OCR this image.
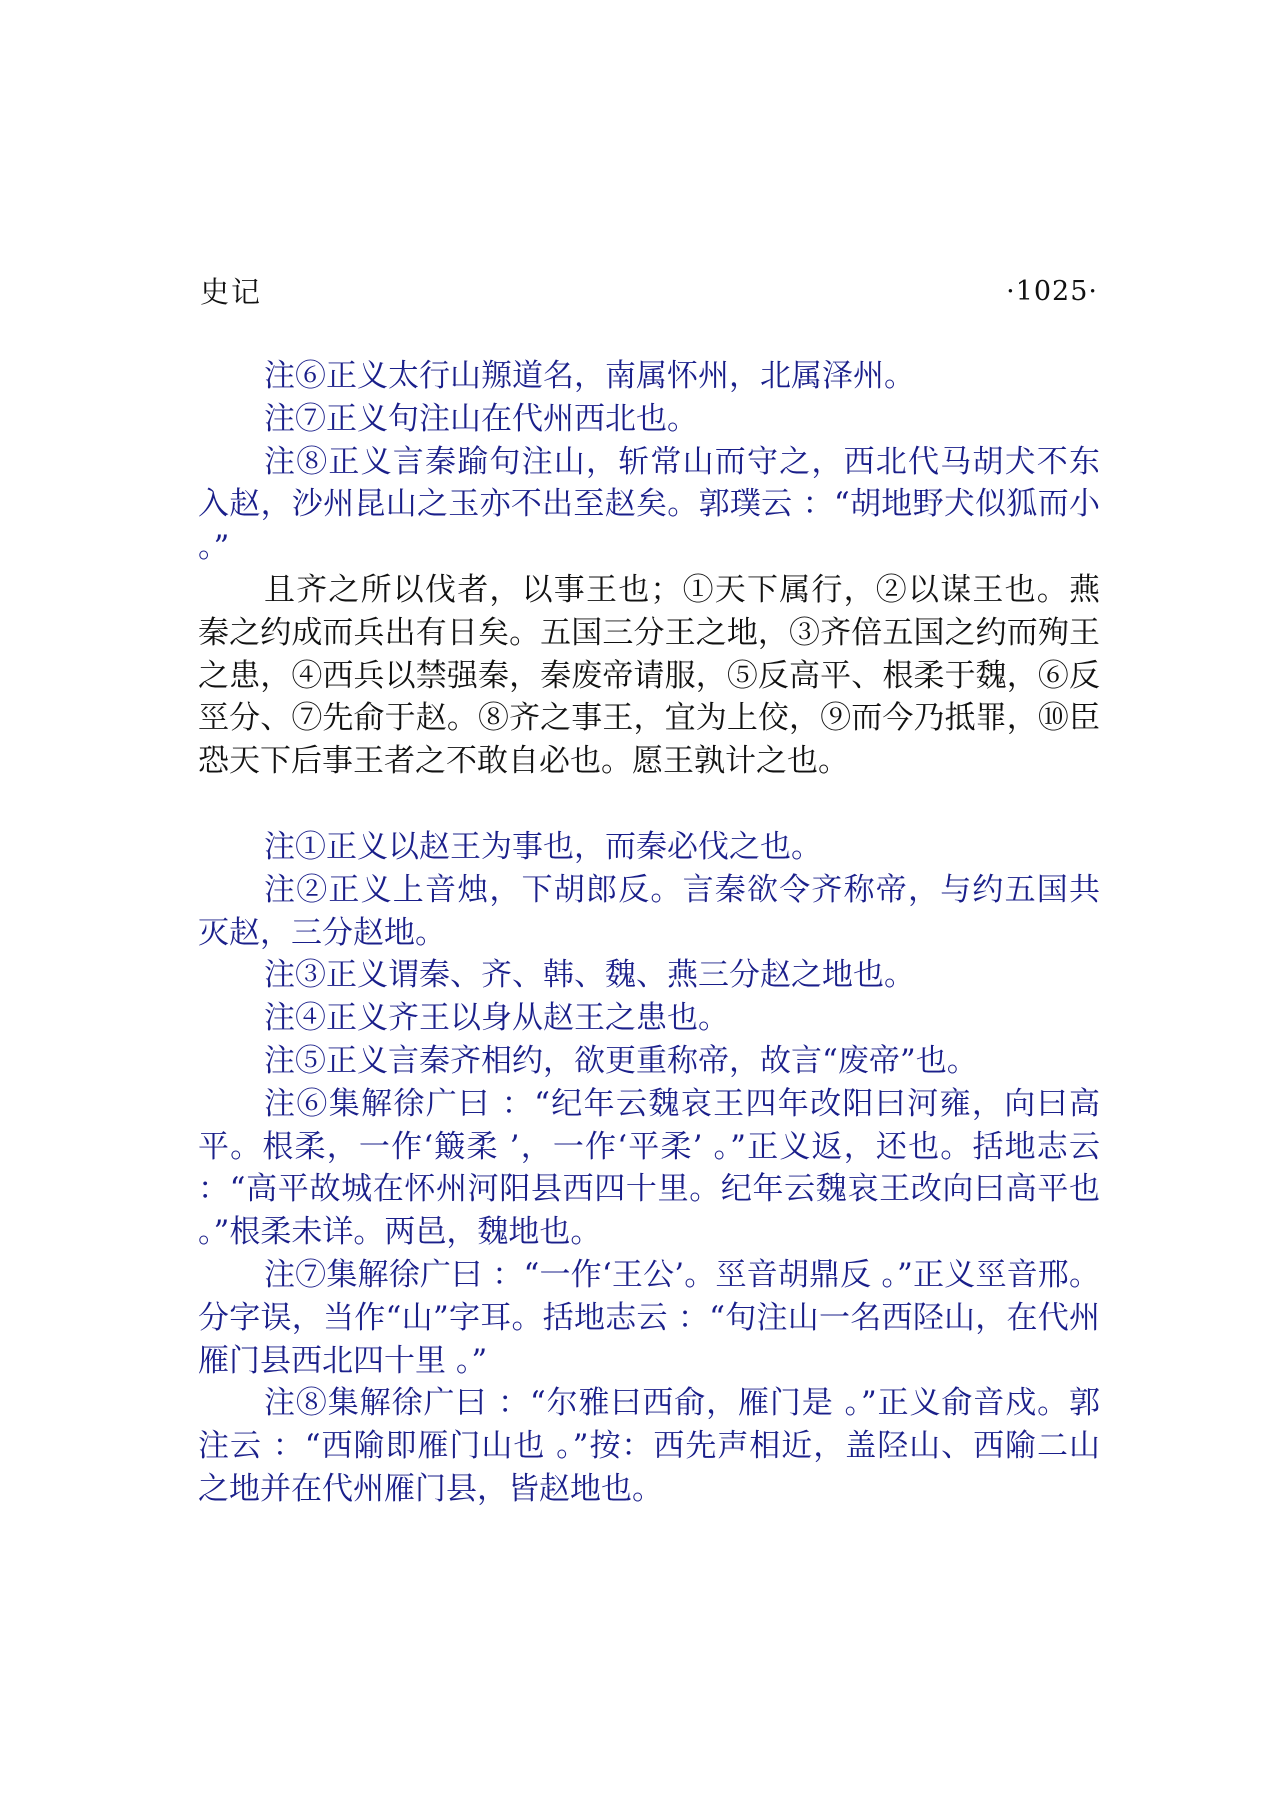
史记	·1025·

注⑥正义太行山羱道名，南属怀州，北属泽州。

注⑦正义句注山在代州西北也。

注⑧正义言秦踰句注山，斩常山而守之，西北代马胡犬不东入赵，沙州昆山之玉亦不出至赵矣。郭璞云 ：“胡地野犬似狐而小 。”

且齐之所以伐者，以事王也；①天下属行，②以谋王也。燕秦之约成而兵出有日矣。五国三分王之地，③齐倍五国之约而殉王之患，④西兵以禁强秦，秦废帝请服，⑤反高平、根柔于魏，⑥反巠分、⑦先俞于赵。⑧齐之事王，宜为上佼，⑨而今乃抵罪，⑩臣恐天下后事王者之不敢自必也。愿王孰计之也。

注①正义以赵王为事也，而秦必伐之也。

注②正义上音烛，下胡郎反。言秦欲令齐称帝，与约五国共灭赵，三分赵地。

注③正义谓秦、齐、韩、魏、燕三分赵之地也。

注④正义齐王以身从赵王之患也。

注⑤正义言秦齐相约，欲更重称帝，故言“废帝”也。

注⑥集解徐广曰 ：“纪年云魏哀王四年改阳曰河雍，向曰高平。根柔，一作‘簸柔 ’，一作‘平柔’ 。”正义返，还也。括地志云 ：“高平故城在怀州河阳县西四十里。纪年云魏哀王改向曰高平也 。”根柔未详。两邑，魏地也。

注⑦集解徐广曰 ：“一作‘王公’。巠音胡鼎反 。”正义巠音邢。分字误，当作“山”字耳。括地志云 ：“句注山一名西陉山，在代州雁门县西北四十里 。”

注⑧集解徐广曰 ：“尔雅曰西俞，雁门是 。”正义俞音戍。郭注云 ：“西隃即雁门山也 。”按：西先声相近，盖陉山、西隃二山之地并在代州雁门县，皆赵地也。
